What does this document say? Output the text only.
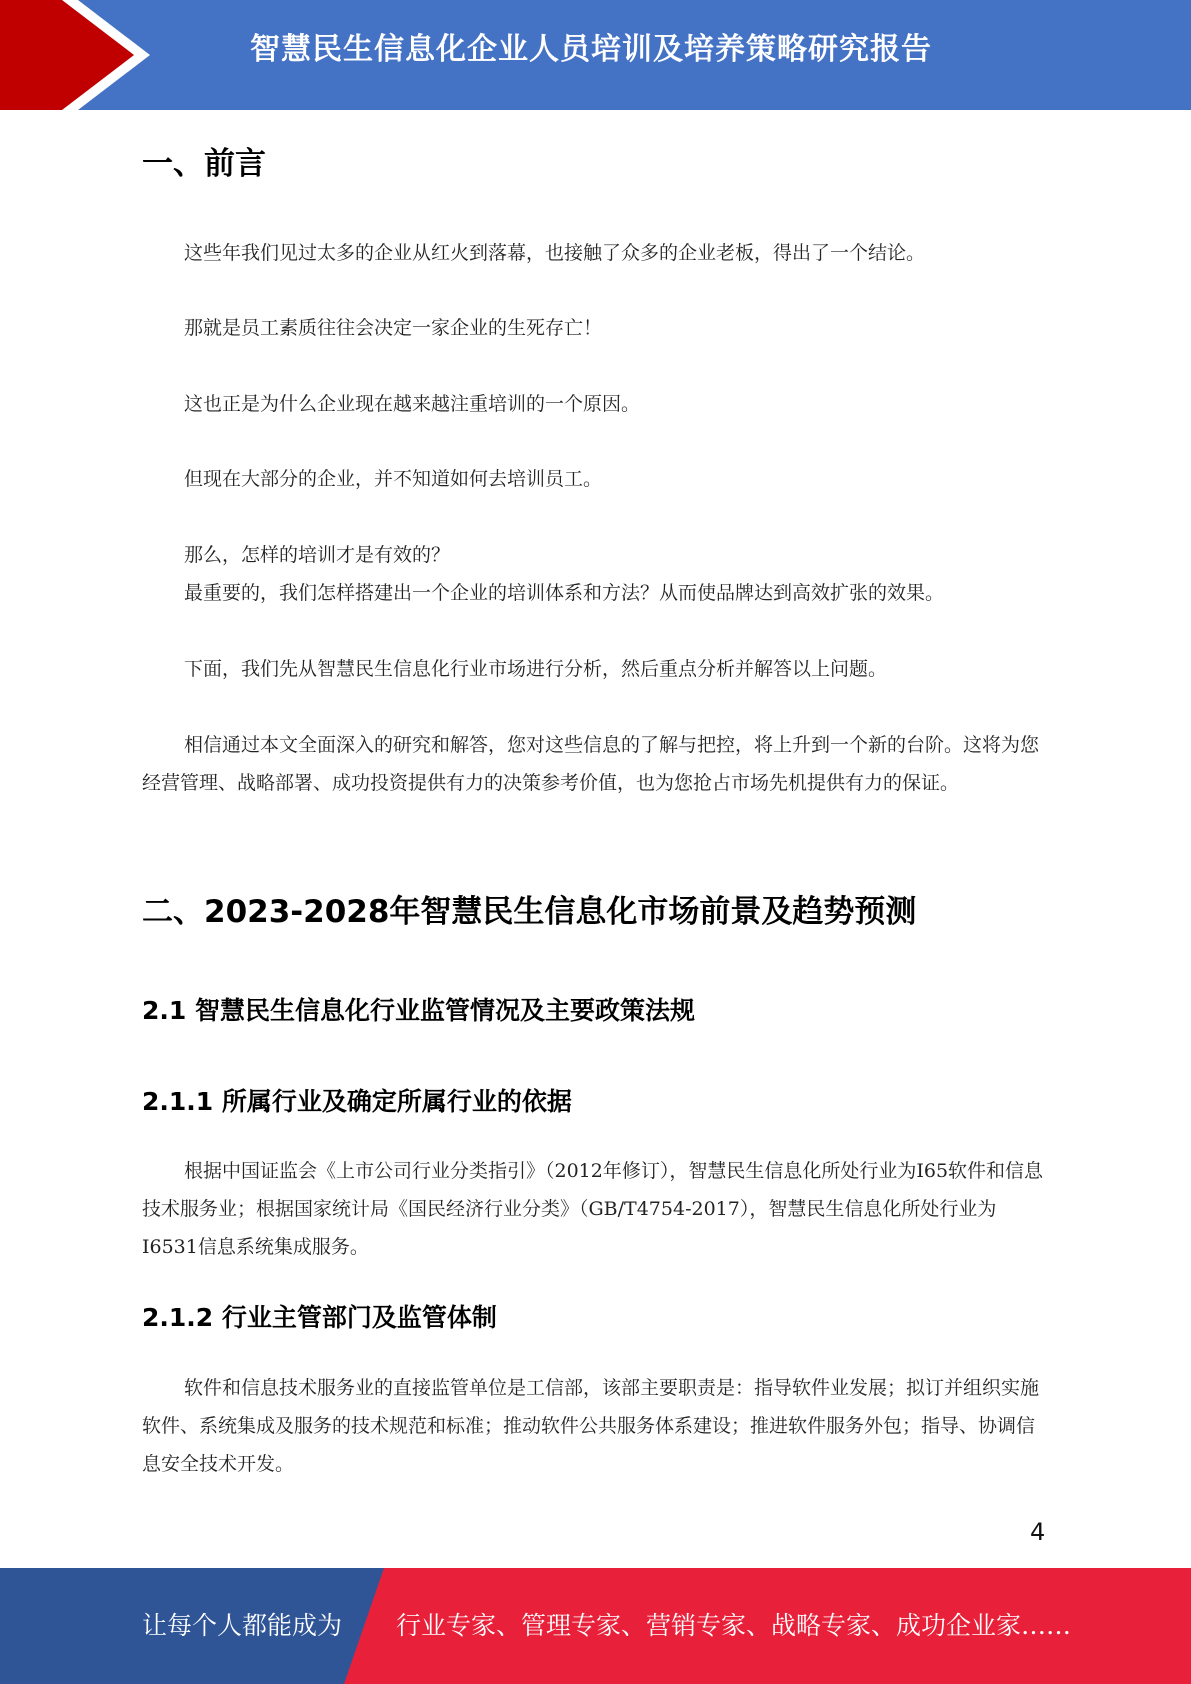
智慧民生信息化企业人员培训及培养策略研究报告
一、前言

这些年我们见过太多的企业从红火到落幕，也接触了众多的企业老板，得出了一个结论。

那就是员工素质往往会决定一家企业的生死存亡！

这也正是为什么企业现在越来越注重培训的一个原因。

但现在大部分的企业，并不知道如何去培训员工。

那么，怎样的培训才是有效的？

最重要的，我们怎样搭建出一个企业的培训体系和方法？从而使品牌达到高效扩张的效果。

下面，我们先从智慧民生信息化行业市场进行分析，然后重点分析并解答以上问题。

相信通过本文全面深入的研究和解答，您对这些信息的了解与把控，将上升到一个新的台阶。这将为您经营管理、战略部署、成功投资提供有力的决策参考价值，也为您抢占市场先机提供有力的保证。

二、2023-2028年智慧民生信息化市场前景及趋势预测
2.1 智慧民生信息化行业监管情况及主要政策法规
2.1.1 所属行业及确定所属行业的依据

根据中国证监会《上市公司行业分类指引》（2012年修订），智慧民生信息化所处行业为I65软件和信息技术服务业；根据国家统计局《国民经济行业分类》（GB/T4754-2017），智慧民生信息化所处行业为I6531信息系统集成服务。

2.1.2 行业主管部门及监管体制

软件和信息技术服务业的直接监管单位是工信部，该部主要职责是：指导软件业发展；拟订并组织实施软件、系统集成及服务的技术规范和标准；推动软件公共服务体系建设；推进软件服务外包；指导、协调信息安全技术开发。

4
让每个人都能成为 行业专家、管理专家、营销专家、战略专家、成功企业家……
